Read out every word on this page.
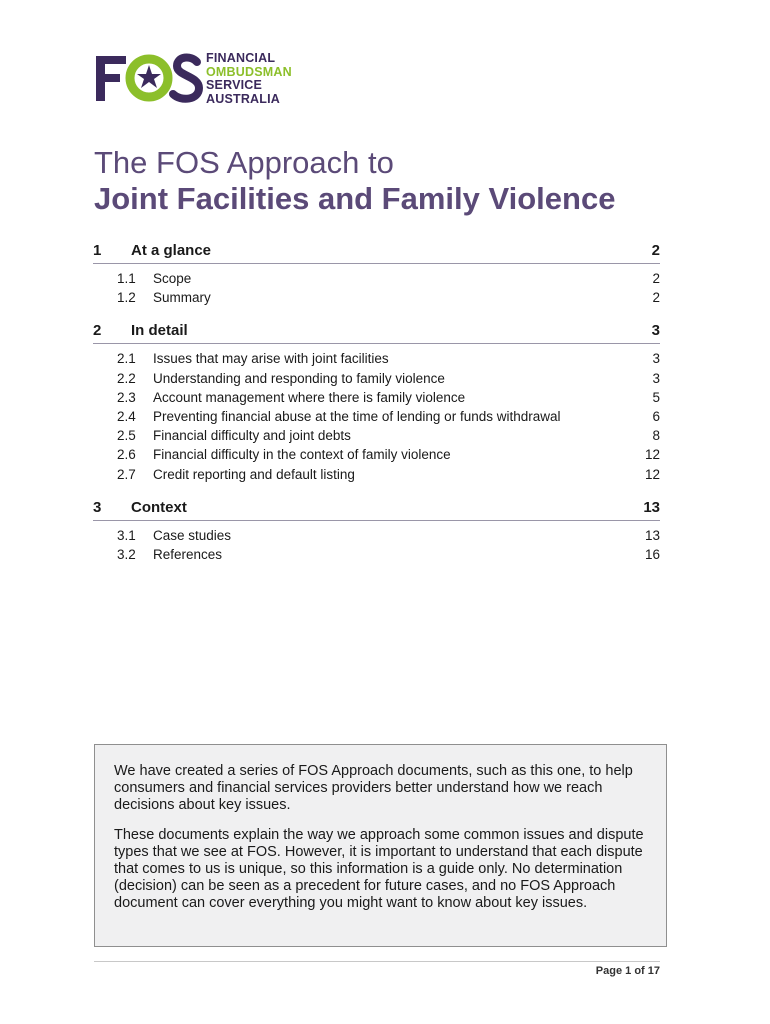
FINANCIAL
OMBUDSMAN
SERVICE
AUSTRALIA
The FOS Approach to
Joint Facilities and Family Violence
1 At a glance	2
1.1 Scope	2
1.2 Summary	2
2 In detail	3
2.1 Issues that may arise with joint facilities	3
2.2 Understanding and responding to family violence	3
2.3 Account management where there is family violence	5
2.4 Preventing financial abuse at the time of lending or funds withdrawal	6
2.5 Financial difficulty and joint debts	8
2.6 Financial difficulty in the context of family violence	12
2.7 Credit reporting and default listing	12
3 Context	13
3.1 Case studies	13
3.2 References	16

We have created a series of FOS Approach documents, such as this one, to help consumers and financial services providers better understand how we reach decisions about key issues.

These documents explain the way we approach some common issues and dispute types that we see at FOS. However, it is important to understand that each dispute that comes to us is unique, so this information is a guide only. No determination (decision) can be seen as a precedent for future cases, and no FOS Approach document can cover everything you might want to know about key issues.

Page 1 of 17
